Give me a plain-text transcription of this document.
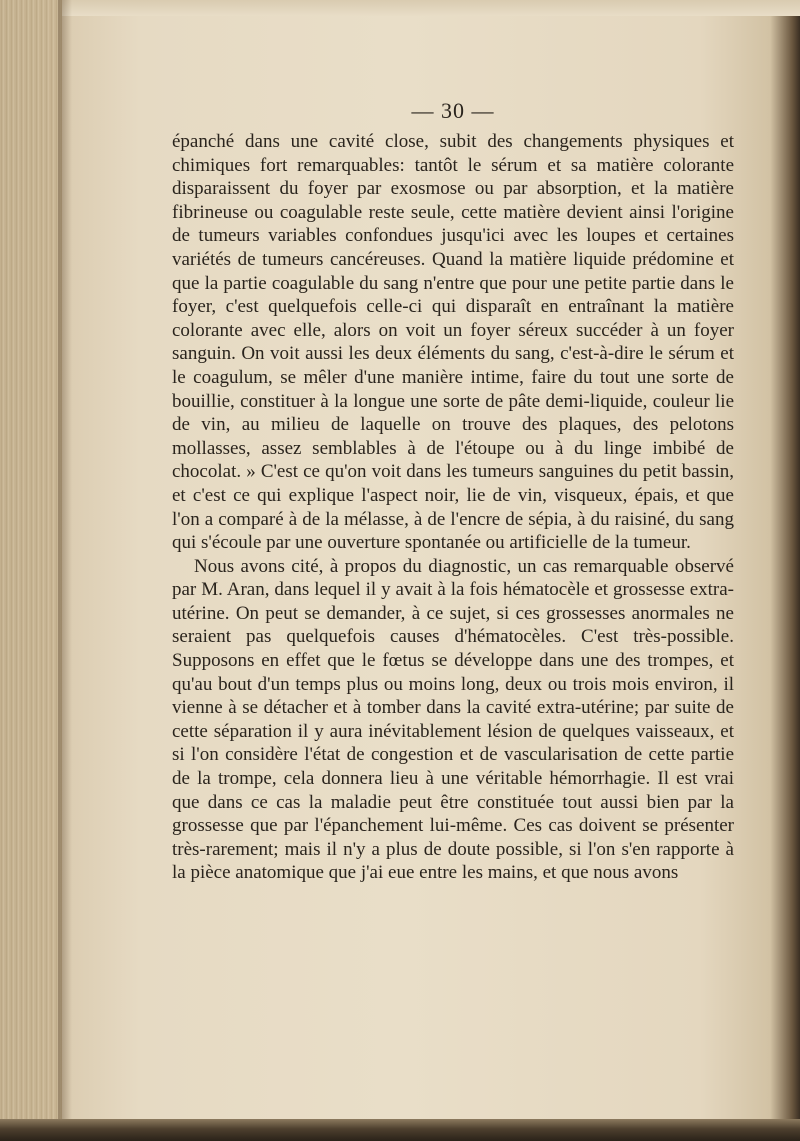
— 30 —

épanché dans une cavité close, subit des changements physiques et chimiques fort remarquables: tantôt le sérum et sa matière colorante disparaissent du foyer par exosmose ou par absorption, et la matière fibrineuse ou coagulable reste seule, cette matière devient ainsi l'origine de tumeurs variables confondues jusqu'ici avec les loupes et certaines variétés de tumeurs cancéreuses. Quand la matière liquide prédomine et que la partie coagulable du sang n'entre que pour une petite partie dans le foyer, c'est quelquefois celle-ci qui disparaît en entraînant la matière colorante avec elle, alors on voit un foyer séreux succéder à un foyer sanguin. On voit aussi les deux éléments du sang, c'est-à-dire le sérum et le coagulum, se mêler d'une manière intime, faire du tout une sorte de bouillie, constituer à la longue une sorte de pâte demi-liquide, couleur lie de vin, au milieu de laquelle on trouve des plaques, des pelotons mollasses, assez semblables à de l'étoupe ou à du linge imbibé de chocolat. » C'est ce qu'on voit dans les tumeurs sanguines du petit bassin, et c'est ce qui explique l'aspect noir, lie de vin, visqueux, épais, et que l'on a comparé à de la mélasse, à de l'encre de sépia, à du raisiné, du sang qui s'écoule par une ouverture spontanée ou artificielle de la tumeur.

Nous avons cité, à propos du diagnostic, un cas remarquable observé par M. Aran, dans lequel il y avait à la fois hématocèle et grossesse extra-utérine. On peut se demander, à ce sujet, si ces grossesses anormales ne seraient pas quelquefois causes d'hématocèles. C'est très-possible. Supposons en effet que le fœtus se développe dans une des trompes, et qu'au bout d'un temps plus ou moins long, deux ou trois mois environ, il vienne à se détacher et à tomber dans la cavité extra-utérine; par suite de cette séparation il y aura inévitablement lésion de quelques vaisseaux, et si l'on considère l'état de congestion et de vascularisation de cette partie de la trompe, cela donnera lieu à une véritable hémorrhagie. Il est vrai que dans ce cas la maladie peut être constituée tout aussi bien par la grossesse que par l'épanchement lui-même. Ces cas doivent se présenter très-rarement; mais il n'y a plus de doute possible, si l'on s'en rapporte à la pièce anatomique que j'ai eue entre les mains, et que nous avons
